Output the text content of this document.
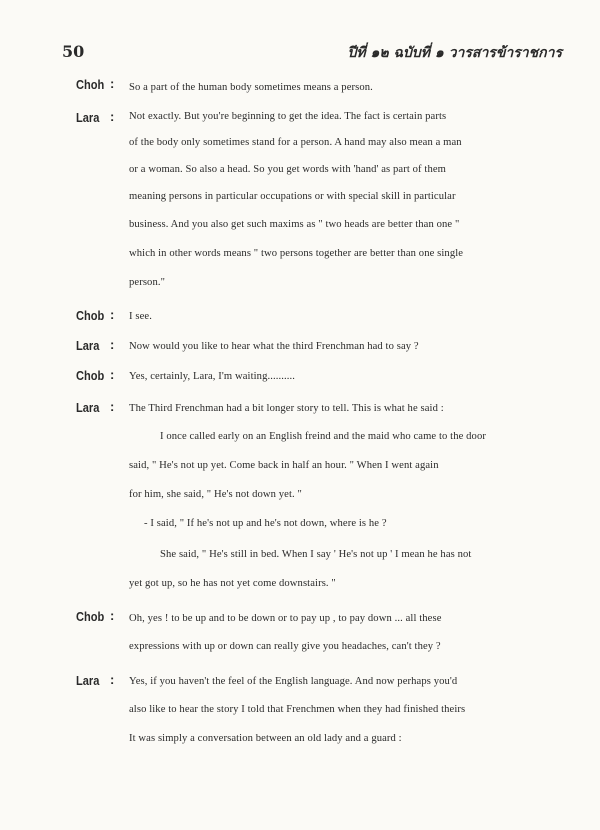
50	ปีที่ ๑๒ ฉบับที่ ๑ วารสารข้าราชการ
Choh : So a part of the human body sometimes means a person.
Lara : Not exactly. But you're beginning to get the idea. The fact is certain parts
of the body only sometimes stand for a person. A hand may also mean a man
or a woman. So also a head. So you get words with 'hand' as part of them
meaning persons in particular occupations or with special skill in particular
business. And you also get such maxims as " two heads are better than one "
which in other words means " two persons together are better than one single
person."
Chob : I see.
Lara : Now would you like to hear what the third Frenchman had to say ?
Chob : Yes, certainly, Lara, I'm waiting..........
Lara : The Third Frenchman had a bit longer story to tell. This is what he said :
I once called early on an English freind and the maid who came to the door
said, " He's not up yet. Come back in half an hour. " When I went again
for him, she said, " He's not down yet. "
- I said, " If he's not up and he's not down, where is he ?
She said, " He's still in bed. When I say ' He's not up ' I mean he has not
yet got up, so he has not yet come downstairs. "
Chob : Oh, yes ! to be up and to be down or to pay up , to pay down ... all these
expressions with up or down can really give you headaches, can't they ?
Lara : Yes, if you haven't the feel of the English language. And now perhaps you'd
also like to hear the story I told that Frenchmen when they had finished theirs
It was simply a conversation between an old lady and a guard :
